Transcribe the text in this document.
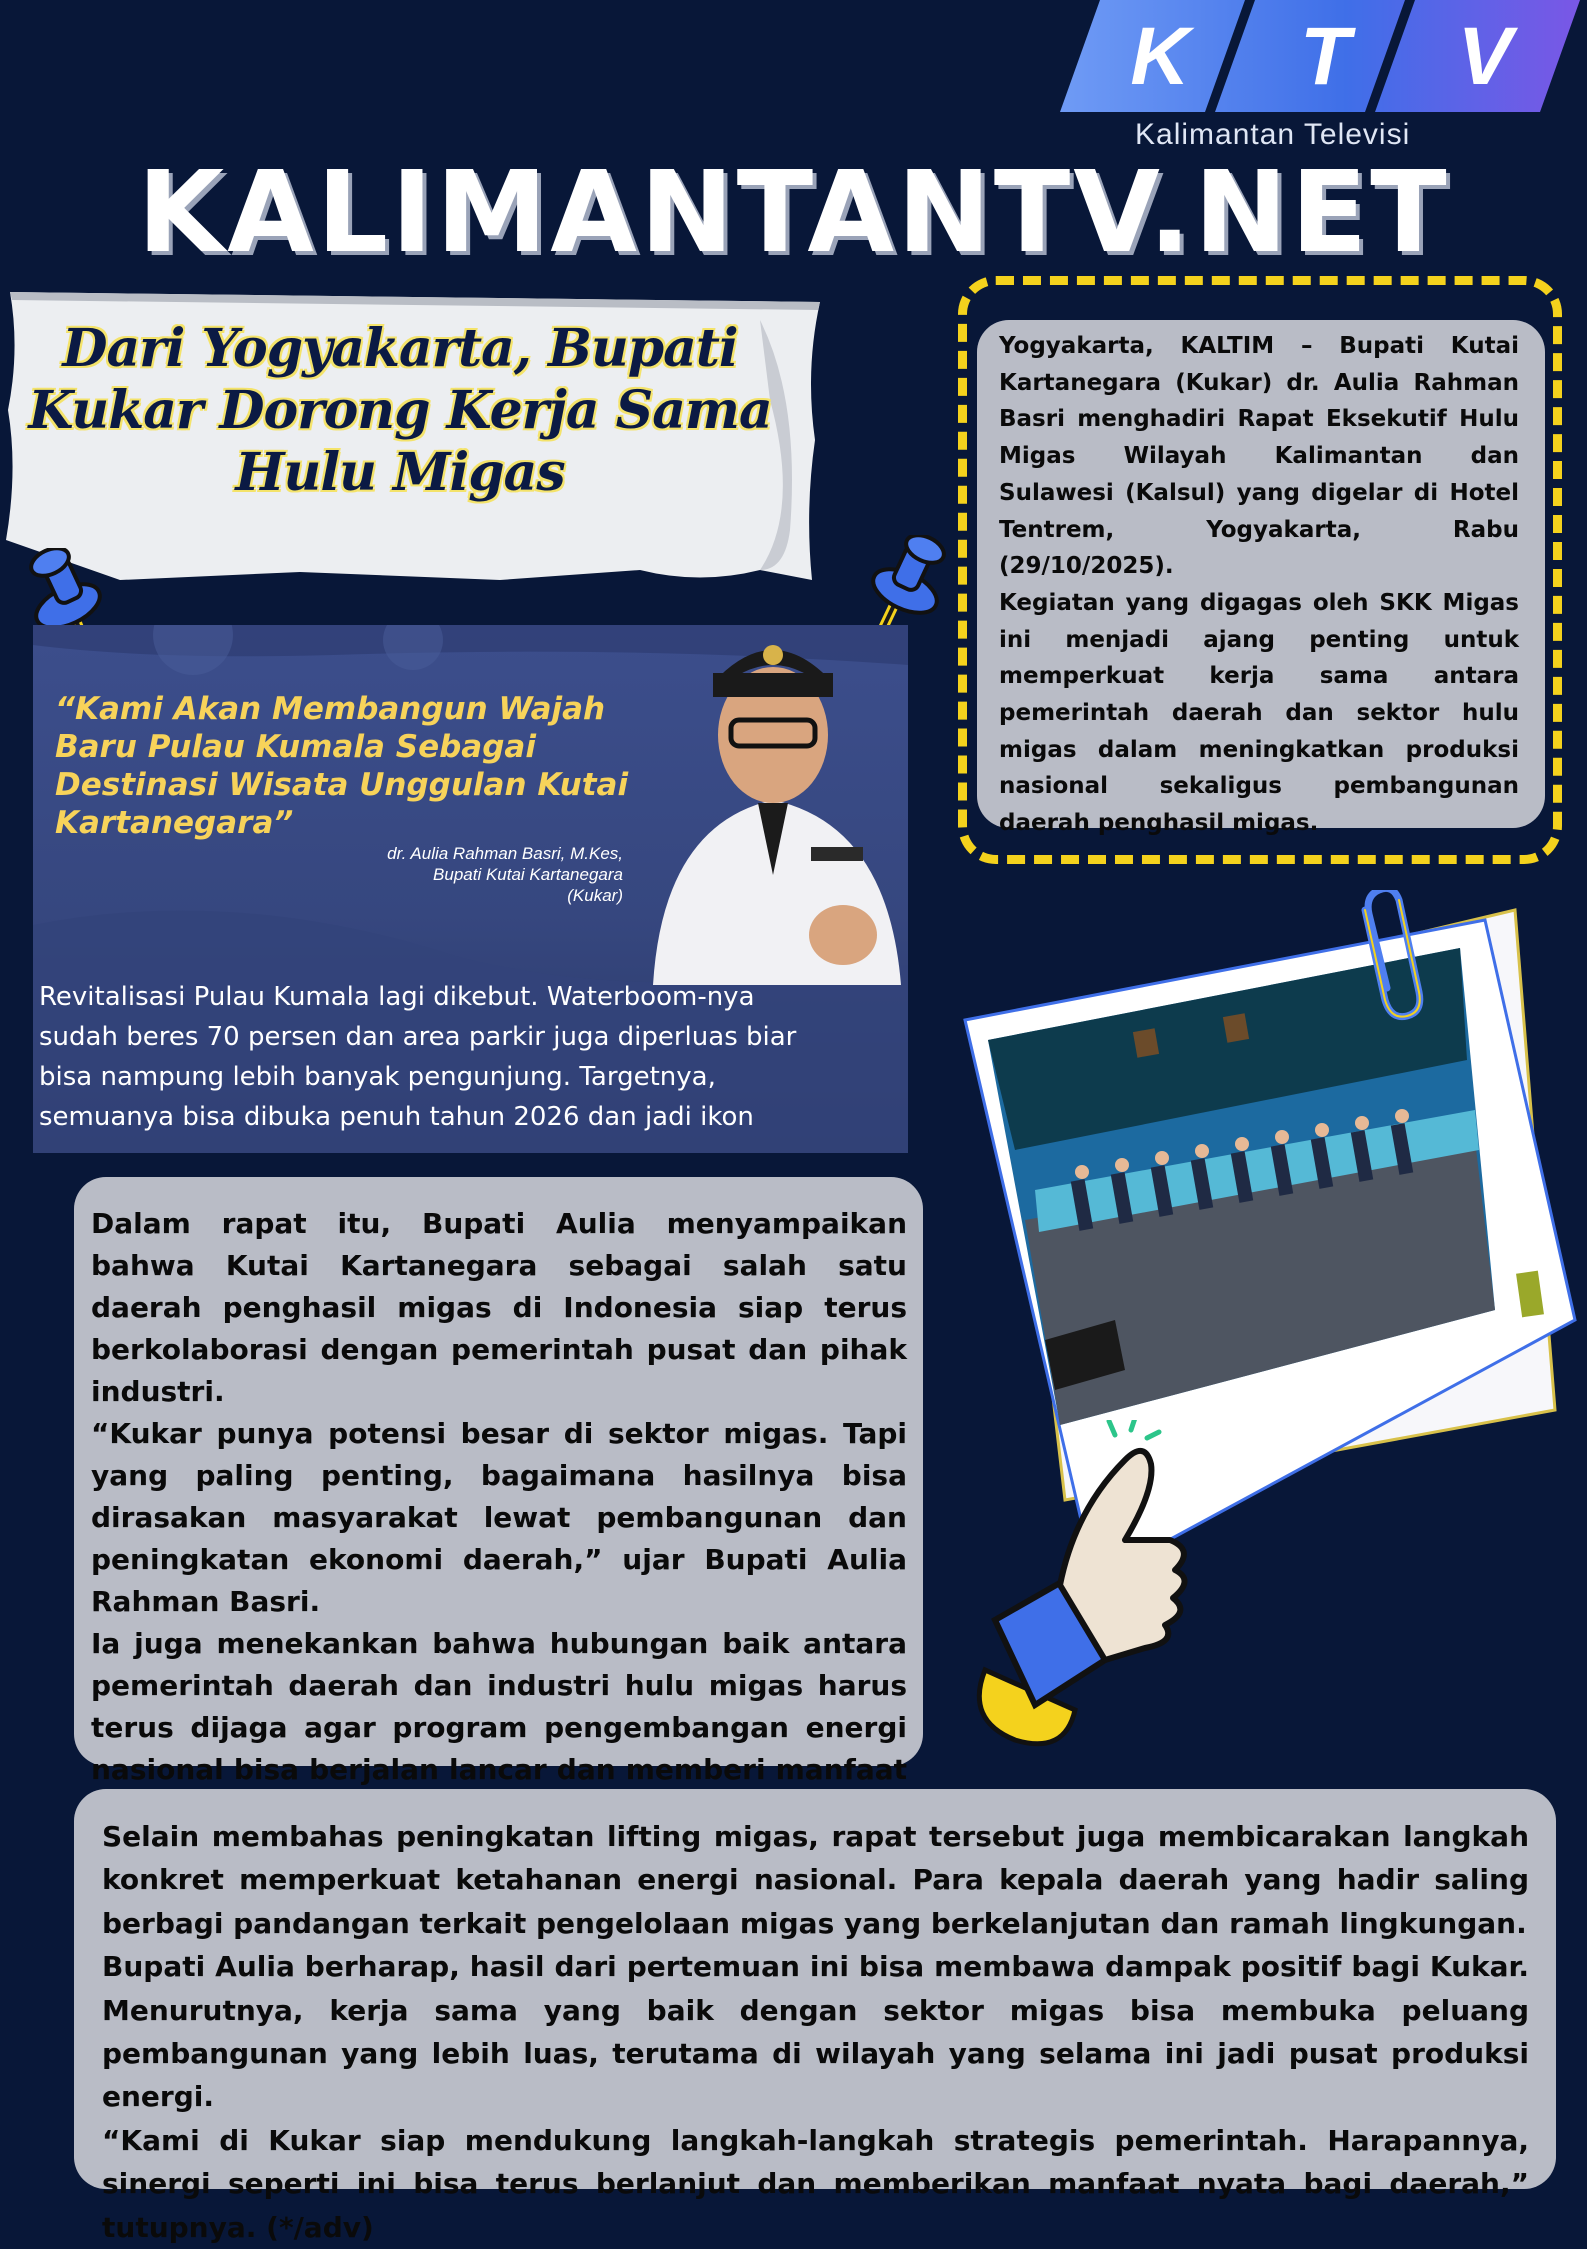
K T V
Kalimantan Televisi
KALIMANTANTV.NET
Dari Yogyakarta, Bupati
Kukar Dorong Kerja Sama
Hulu Migas
“Kami Akan Membangun Wajah
Baru Pulau Kumala Sebagai
Destinasi Wisata Unggulan Kutai
Kartanegara”
dr. Aulia Rahman Basri, M.Kes,
Bupati Kutai Kartanegara
(Kukar)
Revitalisasi Pulau Kumala lagi dikebut. Waterboom-nya
sudah beres 70 persen dan area parkir juga diperluas biar
bisa nampung lebih banyak pengunjung. Targetnya,
semuanya bisa dibuka penuh tahun 2026 dan jadi ikon

Yogyakarta, KALTIM – Bupati Kutai Kartanegara (Kukar) dr. Aulia Rahman Basri menghadiri Rapat Eksekutif Hulu Migas Wilayah Kalimantan dan Sulawesi (Kalsul) yang digelar di Hotel Tentrem, Yogyakarta, Rabu (29/10/2025).

Kegiatan yang digagas oleh SKK Migas ini menjadi ajang penting untuk memperkuat kerja sama antara pemerintah daerah dan sektor hulu migas dalam meningkatkan produksi nasional sekaligus pembangunan daerah penghasil migas.

Dalam rapat itu, Bupati Aulia menyampaikan bahwa Kutai Kartanegara sebagai salah satu daerah penghasil migas di Indonesia siap terus berkolaborasi dengan pemerintah pusat dan pihak industri.

“Kukar punya potensi besar di sektor migas. Tapi yang paling penting, bagaimana hasilnya bisa dirasakan masyarakat lewat pembangunan dan peningkatan ekonomi daerah,” ujar Bupati Aulia Rahman Basri.

Ia juga menekankan bahwa hubungan baik antara pemerintah daerah dan industri hulu migas harus terus dijaga agar program pengembangan energi nasional bisa berjalan lancar dan memberi manfaat

Selain membahas peningkatan lifting migas, rapat tersebut juga membicarakan langkah konkret memperkuat ketahanan energi nasional. Para kepala daerah yang hadir saling berbagi pandangan terkait pengelolaan migas yang berkelanjutan dan ramah lingkungan.

Bupati Aulia berharap, hasil dari pertemuan ini bisa membawa dampak positif bagi Kukar. Menurutnya, kerja sama yang baik dengan sektor migas bisa membuka peluang pembangunan yang lebih luas, terutama di wilayah yang selama ini jadi pusat produksi energi.

“Kami di Kukar siap mendukung langkah-langkah strategis pemerintah. Harapannya, sinergi seperti ini bisa terus berlanjut dan memberikan manfaat nyata bagi daerah,” tutupnya. (*/adv)
